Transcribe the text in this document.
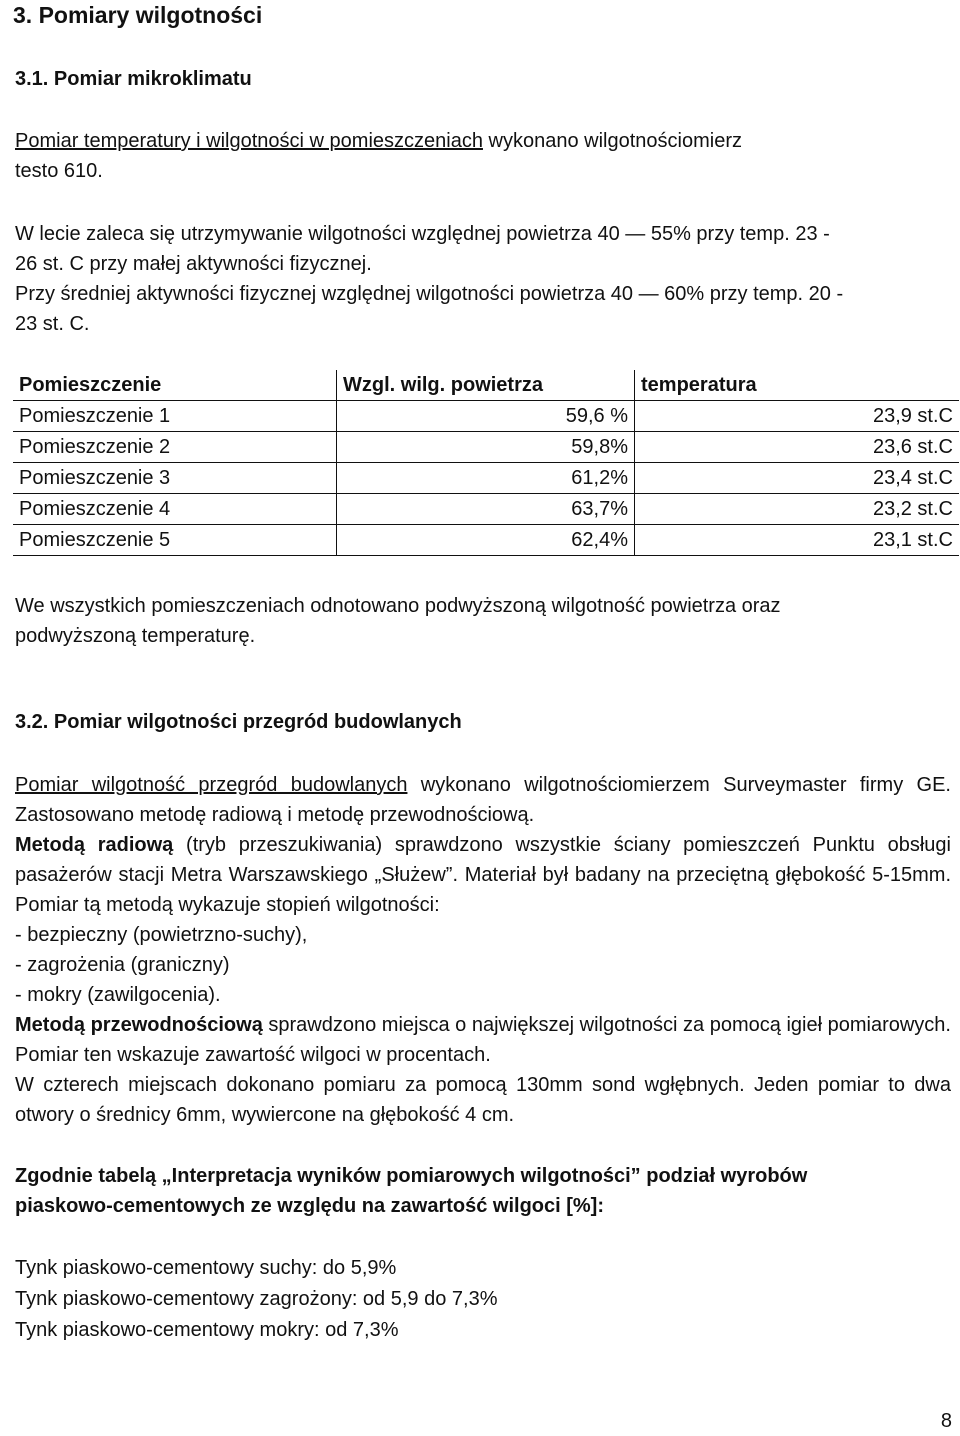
3. Pomiary wilgotności
3.1. Pomiar mikroklimatu
Pomiar temperatury i wilgotności w pomieszczeniach wykonano wilgotnościomierz
testo 610.
W lecie zaleca się utrzymywanie wilgotności względnej powietrza 40 — 55% przy temp. 23 -
26 st. C przy małej aktywności fizycznej.
Przy średniej aktywności fizycznej względnej wilgotności powietrza 40 — 60% przy temp. 20 -
23 st. C.
Pomieszczenie	Wzgl. wilg. powietrza	temperatura
Pomieszczenie 1	59,6 %	23,9 st.C
Pomieszczenie 2	59,8%	23,6 st.C
Pomieszczenie 3	61,2%	23,4 st.C
Pomieszczenie 4	63,7%	23,2 st.C
Pomieszczenie 5	62,4%	23,1 st.C
We wszystkich pomieszczeniach odnotowano podwyższoną wilgotność powietrza oraz
podwyższoną temperaturę.
3.2. Pomiar wilgotności przegród budowlanych
Pomiar wilgotność przegród budowlanych wykonano wilgotnościomierzem Surveymaster firmy GE. Zastosowano metodę radiową i metodę przewodnościową.
Metodą radiową (tryb przeszukiwania) sprawdzono wszystkie ściany pomieszczeń Punktu obsługi pasażerów stacji Metra Warszawskiego „Służew”. Materiał był badany na przeciętną głębokość 5-15mm. Pomiar tą metodą wykazuje stopień wilgotności:
- bezpieczny (powietrzno-suchy),
- zagrożenia (graniczny)
- mokry (zawilgocenia).
Metodą przewodnościową sprawdzono miejsca o największej wilgotności za pomocą igieł pomiarowych. Pomiar ten wskazuje zawartość wilgoci w procentach.
W czterech miejscach dokonano pomiaru za pomocą 130mm sond wgłębnych. Jeden pomiar to dwa otwory o średnicy 6mm, wywiercone na głębokość 4 cm.
Zgodnie tabelą „Interpretacja wyników pomiarowych wilgotności” podział wyrobów
piaskowo-cementowych ze względu na zawartość wilgoci [%]:
Tynk piaskowo-cementowy suchy: do 5,9%
Tynk piaskowo-cementowy zagrożony: od 5,9 do 7,3%
Tynk piaskowo-cementowy mokry: od 7,3%
8
